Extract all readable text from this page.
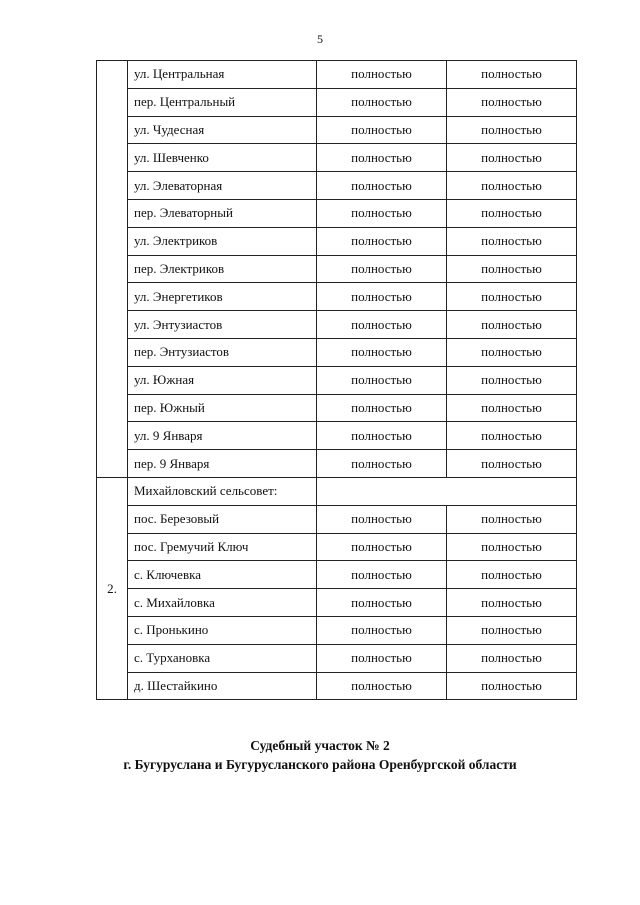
5
	ул. Центральная	полностью	полностью
	пер. Центральный	полностью	полностью
	ул. Чудесная	полностью	полностью
	ул. Шевченко	полностью	полностью
	ул. Элеваторная	полностью	полностью
	пер. Элеваторный	полностью	полностью
	ул. Электриков	полностью	полностью
	пер. Электриков	полностью	полностью
	ул. Энергетиков	полностью	полностью
	ул. Энтузиастов	полностью	полностью
	пер. Энтузиастов	полностью	полностью
	ул. Южная	полностью	полностью
	пер. Южный	полностью	полностью
	ул. 9 Января	полностью	полностью
	пер. 9 Января	полностью	полностью
2.	Михайловский сельсовет:		
	пос. Березовый	полностью	полностью
	пос. Гремучий Ключ	полностью	полностью
	с. Ключевка	полностью	полностью
	с. Михайловка	полностью	полностью
	с. Пронькино	полностью	полностью
	с. Турхановка	полностью	полностью
	д. Шестайкино	полностью	полностью
Судебный участок № 2
г. Бугуруслана и Бугурусланского района Оренбургской области
